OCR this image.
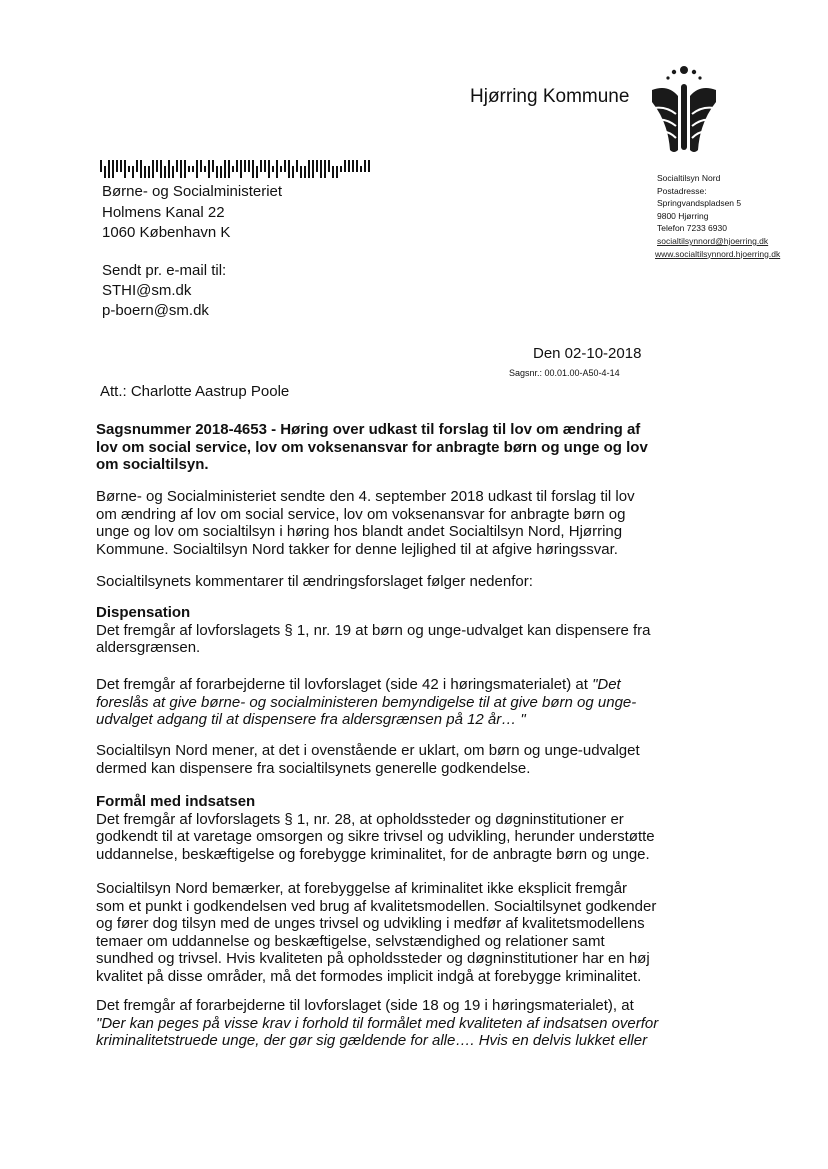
Hjørring Kommune
Børne- og Socialministeriet
Holmens Kanal 22
1060 København K
Sendt pr. e-mail til:
STHI@sm.dk
p-boern@sm.dk
Socialtilsyn Nord
Postadresse:
Springvandspladsen 5
9800 Hjørring
Telefon 7233 6930
socialtilsynnord@hjoerring.dk
www.socialtilsynnord.hjoerring.dk
Den 02-10-2018
Sagsnr.: 00.01.00-A50-4-14
Att.: Charlotte Aastrup Poole

Sagsnummer 2018-4653 - Høring over udkast til forslag til lov om ændring af

lov om social service, lov om voksenansvar for anbragte børn og unge og lov

om socialtilsyn.

Børne- og Socialministeriet sendte den 4. september 2018 udkast til forslag til lov

om ændring af lov om social service, lov om voksenansvar for anbragte børn og

unge og lov om socialtilsyn i høring hos blandt andet Socialtilsyn Nord, Hjørring

Kommune. Socialtilsyn Nord takker for denne lejlighed til at afgive høringssvar.

Socialtilsynets kommentarer til ændringsforslaget følger nedenfor:

Dispensation

Det fremgår af lovforslagets § 1, nr. 19 at børn og unge-udvalget kan dispensere fra

aldersgrænsen.

Det fremgår af forarbejderne til lovforslaget (side 42 i høringsmaterialet) at "Det

foreslås at give børne- og socialministeren bemyndigelse til at give børn og unge-

udvalget adgang til at dispensere fra aldersgrænsen på 12 år… "

Socialtilsyn Nord mener, at det i ovenstående er uklart, om børn og unge-udvalget

dermed kan dispensere fra socialtilsynets generelle godkendelse.

Formål med indsatsen

Det fremgår af lovforslagets § 1, nr. 28, at opholdssteder og døgninstitutioner er

godkendt til at varetage omsorgen og sikre trivsel og udvikling, herunder understøtte

uddannelse, beskæftigelse og forebygge kriminalitet, for de anbragte børn og unge.

Socialtilsyn Nord bemærker, at forebyggelse af kriminalitet ikke eksplicit fremgår

som et punkt i godkendelsen ved brug af kvalitetsmodellen. Socialtilsynet godkender

og fører dog tilsyn med de unges trivsel og udvikling i medfør af kvalitetsmodellens

temaer om uddannelse og beskæftigelse, selvstændighed og relationer samt

sundhed og trivsel. Hvis kvaliteten på opholdssteder og døgninstitutioner har en høj

kvalitet på disse områder, må det formodes implicit indgå at forebygge kriminalitet.

Det fremgår af forarbejderne til lovforslaget (side 18 og 19 i høringsmaterialet), at

"Der kan peges på visse krav i forhold til formålet med kvaliteten af indsatsen overfor

kriminalitetstruede unge, der gør sig gældende for alle…. Hvis en delvis lukket eller
